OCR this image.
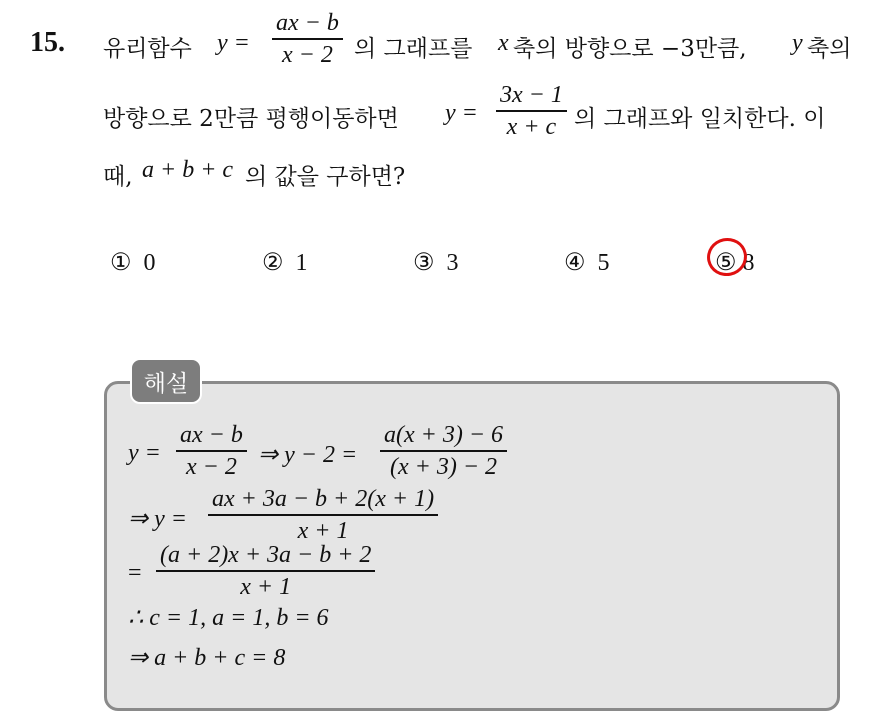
15. 유리함수 y =
ax − b
x − 2 의 그래프를 x 축의 방향으로 −3만큼, y 축의
방향으로 2만큼 평행이동하면 y =
3x − 1
x + c 의 그래프와 일치한다. 이
때, a + b + c 의 값을 구하면?
① 0	② 1	③ 3	④ 5	⑤ 8
해설
y =
ax − b
x − 2 ⇒ y − 2 =
a(x + 3) − 6
(x + 3) − 2
⇒ y =
ax + 3a − b + 2(x + 1)
x + 1
=
(a + 2)x + 3a − b + 2
x + 1
∴ c = 1, a = 1, b = 6
⇒ a + b + c = 8
